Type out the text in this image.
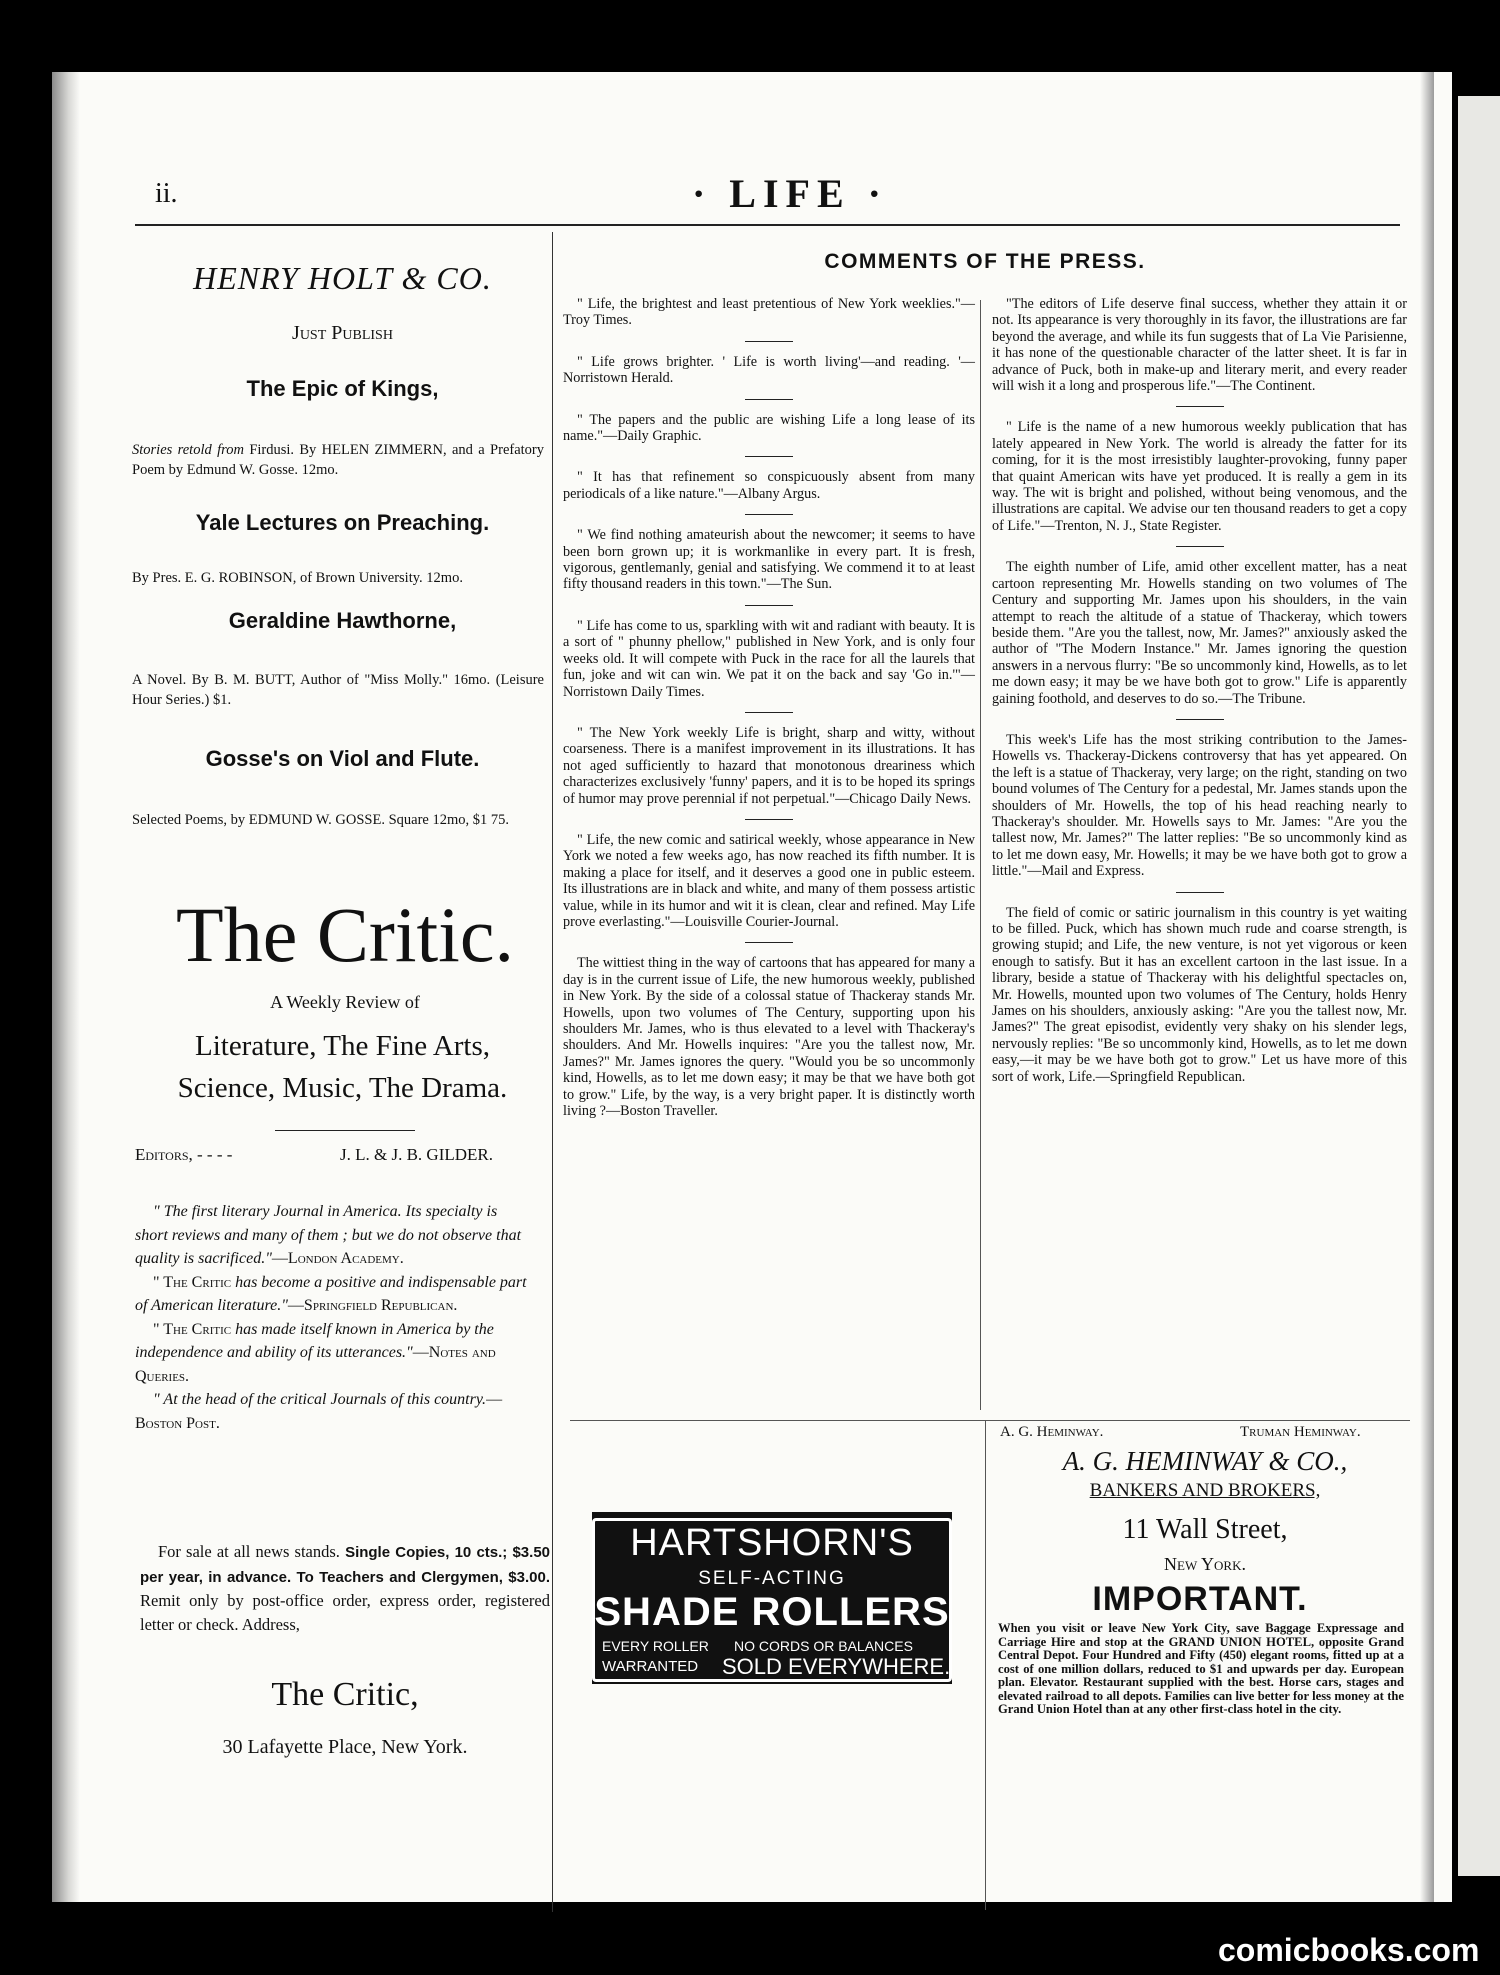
ii.	· LIFE ·
HENRY HOLT & CO.
Just Publish
The Epic of Kings,
Stories retold from Firdusi. By HELEN ZIMMERN, and a Prefatory Poem by Edmund W. Gosse. 12mo.
Yale Lectures on Preaching.
By Pres. E. G. ROBINSON, of Brown University. 12mo.
Geraldine Hawthorne,
A Novel. By B. M. BUTT, Author of "Miss Molly." 16mo. (Leisure Hour Series.) $1.
Gosse's on Viol and Flute.
Selected Poems, by EDMUND W. GOSSE. Square 12mo, $1 75.
The Critic.
A Weekly Review of
Literature, The Fine Arts,
Science, Music, The Drama.
Editors, - - - -	J. L. & J. B. GILDER.
" The first literary Journal in America. Its specialty is short reviews and many of them ; but we do not observe that quality is sacrificed."—London Academy.
" The Critic has become a positive and indispensable part of American literature."—Springfield Republican.
" The Critic has made itself known in America by the independence and ability of its utterances."—Notes and Queries.
" At the head of the critical Journals of this country.—Boston Post.
For sale at all news stands. Single Copies, 10 cts.; $3.50 per year, in advance. To Teachers and Clergymen, $3.00. Remit only by post-office order, express order, registered letter or check. Address,
The Critic,
30 Lafayette Place, New York.
COMMENTS OF THE PRESS.

" Life, the brightest and least pretentious of New York weeklies."—Troy Times.

" Life grows brighter. ' Life is worth living'—and reading. '—Norristown Herald.

" The papers and the public are wishing Life a long lease of its name."—Daily Graphic.

" It has that refinement so conspicuously absent from many periodicals of a like nature."—Albany Argus.

" We find nothing amateurish about the newcomer; it seems to have been born grown up; it is workmanlike in every part. It is fresh, vigorous, gentlemanly, genial and satisfying. We commend it to at least fifty thousand readers in this town."—The Sun.

" Life has come to us, sparkling with wit and radiant with beauty. It is a sort of " phunny phellow," published in New York, and is only four weeks old. It will compete with Puck in the race for all the laurels that fun, joke and wit can win. We pat it on the back and say 'Go in.'"—Norristown Daily Times.

" The New York weekly Life is bright, sharp and witty, without coarseness. There is a manifest improvement in its illustrations. It has not aged sufficiently to hazard that monotonous dreariness which characterizes exclusively 'funny' papers, and it is to be hoped its springs of humor may prove perennial if not perpetual."—Chicago Daily News.

" Life, the new comic and satirical weekly, whose appearance in New York we noted a few weeks ago, has now reached its fifth number. It is making a place for itself, and it deserves a good one in public esteem. Its illustrations are in black and white, and many of them possess artistic value, while in its humor and wit it is clean, clear and refined. May Life prove everlasting."—Louisville Courier-Journal.

The wittiest thing in the way of cartoons that has appeared for many a day is in the current issue of Life, the new humorous weekly, published in New York. By the side of a colossal statue of Thackeray stands Mr. Howells, upon two volumes of The Century, supporting upon his shoulders Mr. James, who is thus elevated to a level with Thackeray's shoulders. And Mr. Howells inquires: "Are you the tallest now, Mr. James?" Mr. James ignores the query. "Would you be so uncommonly kind, Howells, as to let me down easy; it may be that we have both got to grow." Life, by the way, is a very bright paper. It is distinctly worth living ?—Boston Traveller.

"The editors of Life deserve final success, whether they attain it or not. Its appearance is very thoroughly in its favor, the illustrations are far beyond the average, and while its fun suggests that of La Vie Parisienne, it has none of the questionable character of the latter sheet. It is far in advance of Puck, both in make-up and literary merit, and every reader will wish it a long and prosperous life."—The Continent.

" Life is the name of a new humorous weekly publication that has lately appeared in New York. The world is already the fatter for its coming, for it is the most irresistibly laughter-provoking, funny paper that quaint American wits have yet produced. It is really a gem in its way. The wit is bright and polished, without being venomous, and the illustrations are capital. We advise our ten thousand readers to get a copy of Life."—Trenton, N. J., State Register.

The eighth number of Life, amid other excellent matter, has a neat cartoon representing Mr. Howells standing on two volumes of The Century and supporting Mr. James upon his shoulders, in the vain attempt to reach the altitude of a statue of Thackeray, which towers beside them. "Are you the tallest, now, Mr. James?" anxiously asked the author of "The Modern Instance." Mr. James ignoring the question answers in a nervous flurry: "Be so uncommonly kind, Howells, as to let me down easy; it may be we have both got to grow." Life is apparently gaining foothold, and deserves to do so.—The Tribune.

This week's Life has the most striking contribution to the James-Howells vs. Thackeray-Dickens controversy that has yet appeared. On the left is a statue of Thackeray, very large; on the right, standing on two bound volumes of The Century for a pedestal, Mr. James stands upon the shoulders of Mr. Howells, the top of his head reaching nearly to Thackeray's shoulder. Mr. Howells says to Mr. James: "Are you the tallest now, Mr. James?" The latter replies: "Be so uncommonly kind as to let me down easy, Mr. Howells; it may be we have both got to grow a little."—Mail and Express.

The field of comic or satiric journalism in this country is yet waiting to be filled. Puck, which has shown much rude and coarse strength, is growing stupid; and Life, the new venture, is not yet vigorous or keen enough to satisfy. But it has an excellent cartoon in the last issue. In a library, beside a statue of Thackeray with his delightful spectacles on, Mr. Howells, mounted upon two volumes of The Century, holds Henry James on his shoulders, anxiously asking: "Are you the tallest now, Mr. James?" The great episodist, evidently very shaky on his slender legs, nervously replies: "Be so uncommonly kind, Howells, as to let me down easy,—it may be we have both got to grow." Let us have more of this sort of work, Life.—Springfield Republican.

HARTSHORN'S
SELF-ACTING
SHADE ROLLERS
EVERY ROLLER NO CORDS OR BALANCES
WARRANTED SOLD EVERYWHERE.
A. G. Heminway.	Truman Heminway.
A. G. HEMINWAY & CO.,
BANKERS AND BROKERS,
11 Wall Street,
New York.
IMPORTANT.
When you visit or leave New York City, save Baggage Expressage and Carriage Hire and stop at the GRAND UNION HOTEL, opposite Grand Central Depot. Four Hundred and Fifty (450) elegant rooms, fitted up at a cost of one million dollars, reduced to $1 and upwards per day. European plan. Elevator. Restaurant supplied with the best. Horse cars, stages and elevated railroad to all depots. Families can live better for less money at the Grand Union Hotel than at any other first-class hotel in the city.
comicbooks.com
